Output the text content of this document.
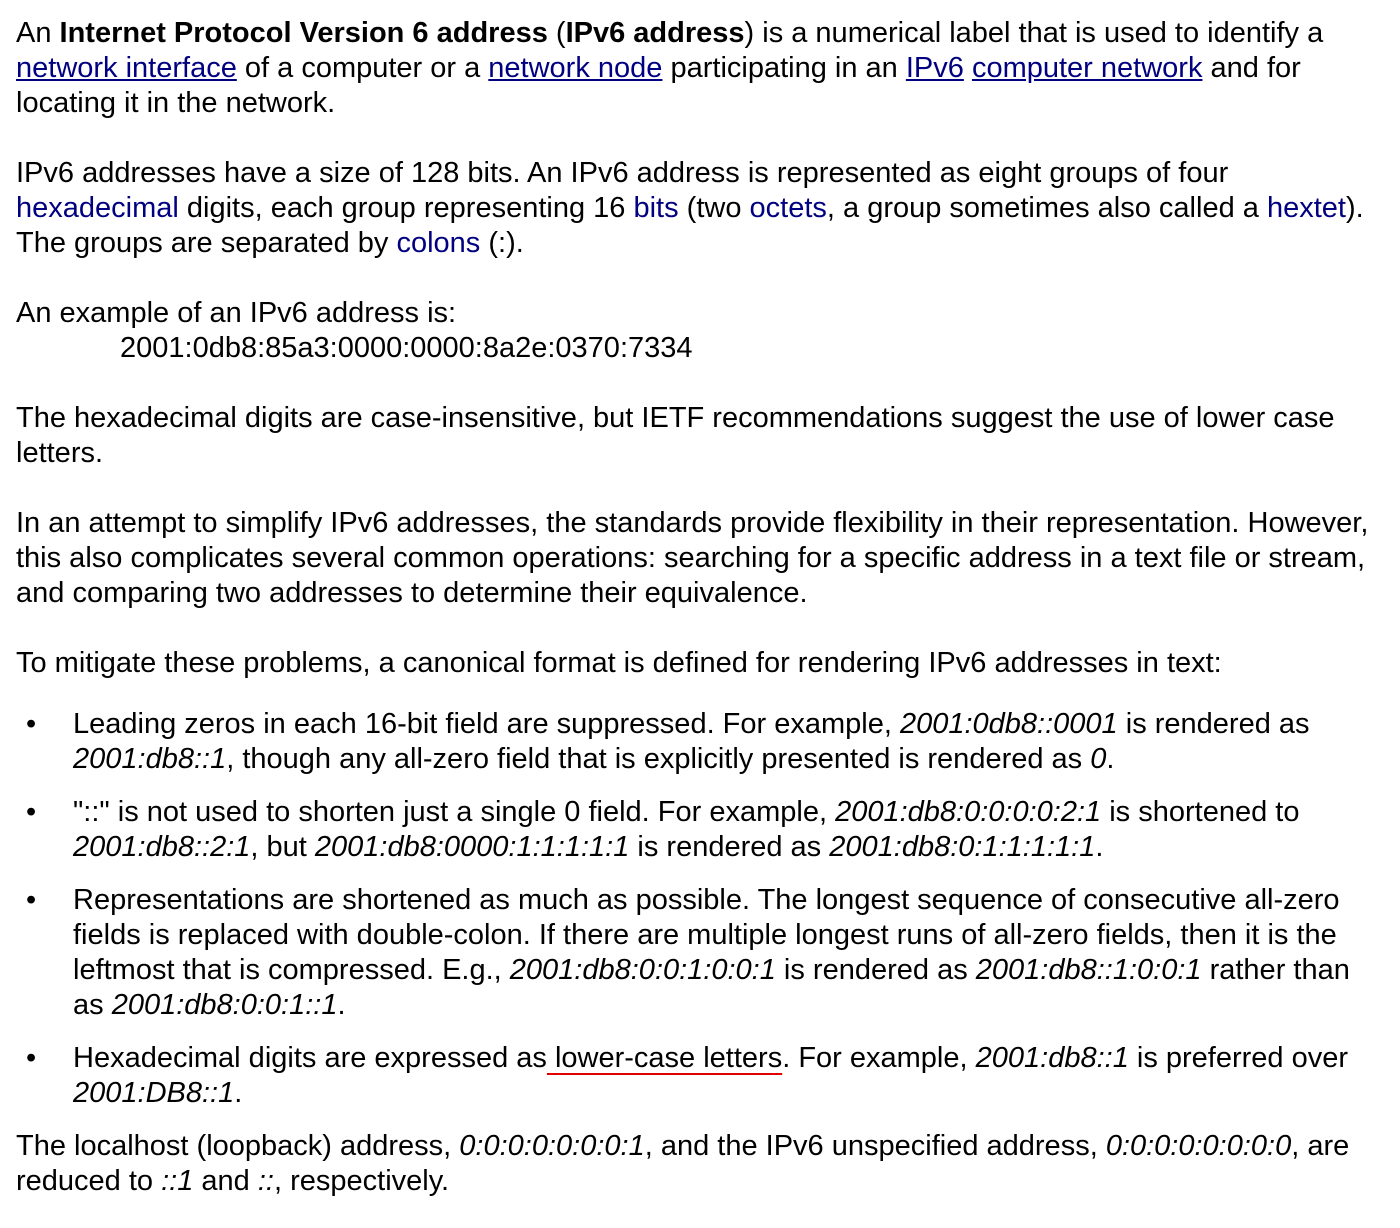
An Internet Protocol Version 6 address (IPv6 address) is a numerical label that is used to identify a network interface of a computer or a network node participating in an IPv6 computer network and for locating it in the network.

IPv6 addresses have a size of 128 bits. An IPv6 address is represented as eight groups of four hexadecimal digits, each group representing 16 bits (two octets, a group sometimes also called a hextet). The groups are separated by colons (:).

An example of an IPv6 address is:
2001:0db8:85a3:0000:0000:8a2e:0370:7334

The hexadecimal digits are case-insensitive, but IETF recommendations suggest the use of lower case letters.

In an attempt to simplify IPv6 addresses, the standards provide flexibility in their representation. However, this also complicates several common operations: searching for a specific address in a text file or stream, and comparing two addresses to determine their equivalence.

To mitigate these problems, a canonical format is defined for rendering IPv6 addresses in text:

• Leading zeros in each 16-bit field are suppressed. For example, 2001:0db8::0001 is rendered as 2001:db8::1, though any all-zero field that is explicitly presented is rendered as 0.
• "::" is not used to shorten just a single 0 field. For example, 2001:db8:0:0:0:0:2:1 is shortened to 2001:db8::2:1, but 2001:db8:0000:1:1:1:1:1 is rendered as 2001:db8:0:1:1:1:1:1.
• Representations are shortened as much as possible. The longest sequence of consecutive all-zero fields is replaced with double-colon. If there are multiple longest runs of all-zero fields, then it is the leftmost that is compressed. E.g., 2001:db8:0:0:1:0:0:1 is rendered as 2001:db8::1:0:0:1 rather than as 2001:db8:0:0:1::1.
• Hexadecimal digits are expressed as lower-case letters. For example, 2001:db8::1 is preferred over 2001:DB8::1.

The localhost (loopback) address, 0:0:0:0:0:0:0:1, and the IPv6 unspecified address, 0:0:0:0:0:0:0:0, are reduced to ::1 and ::, respectively.
